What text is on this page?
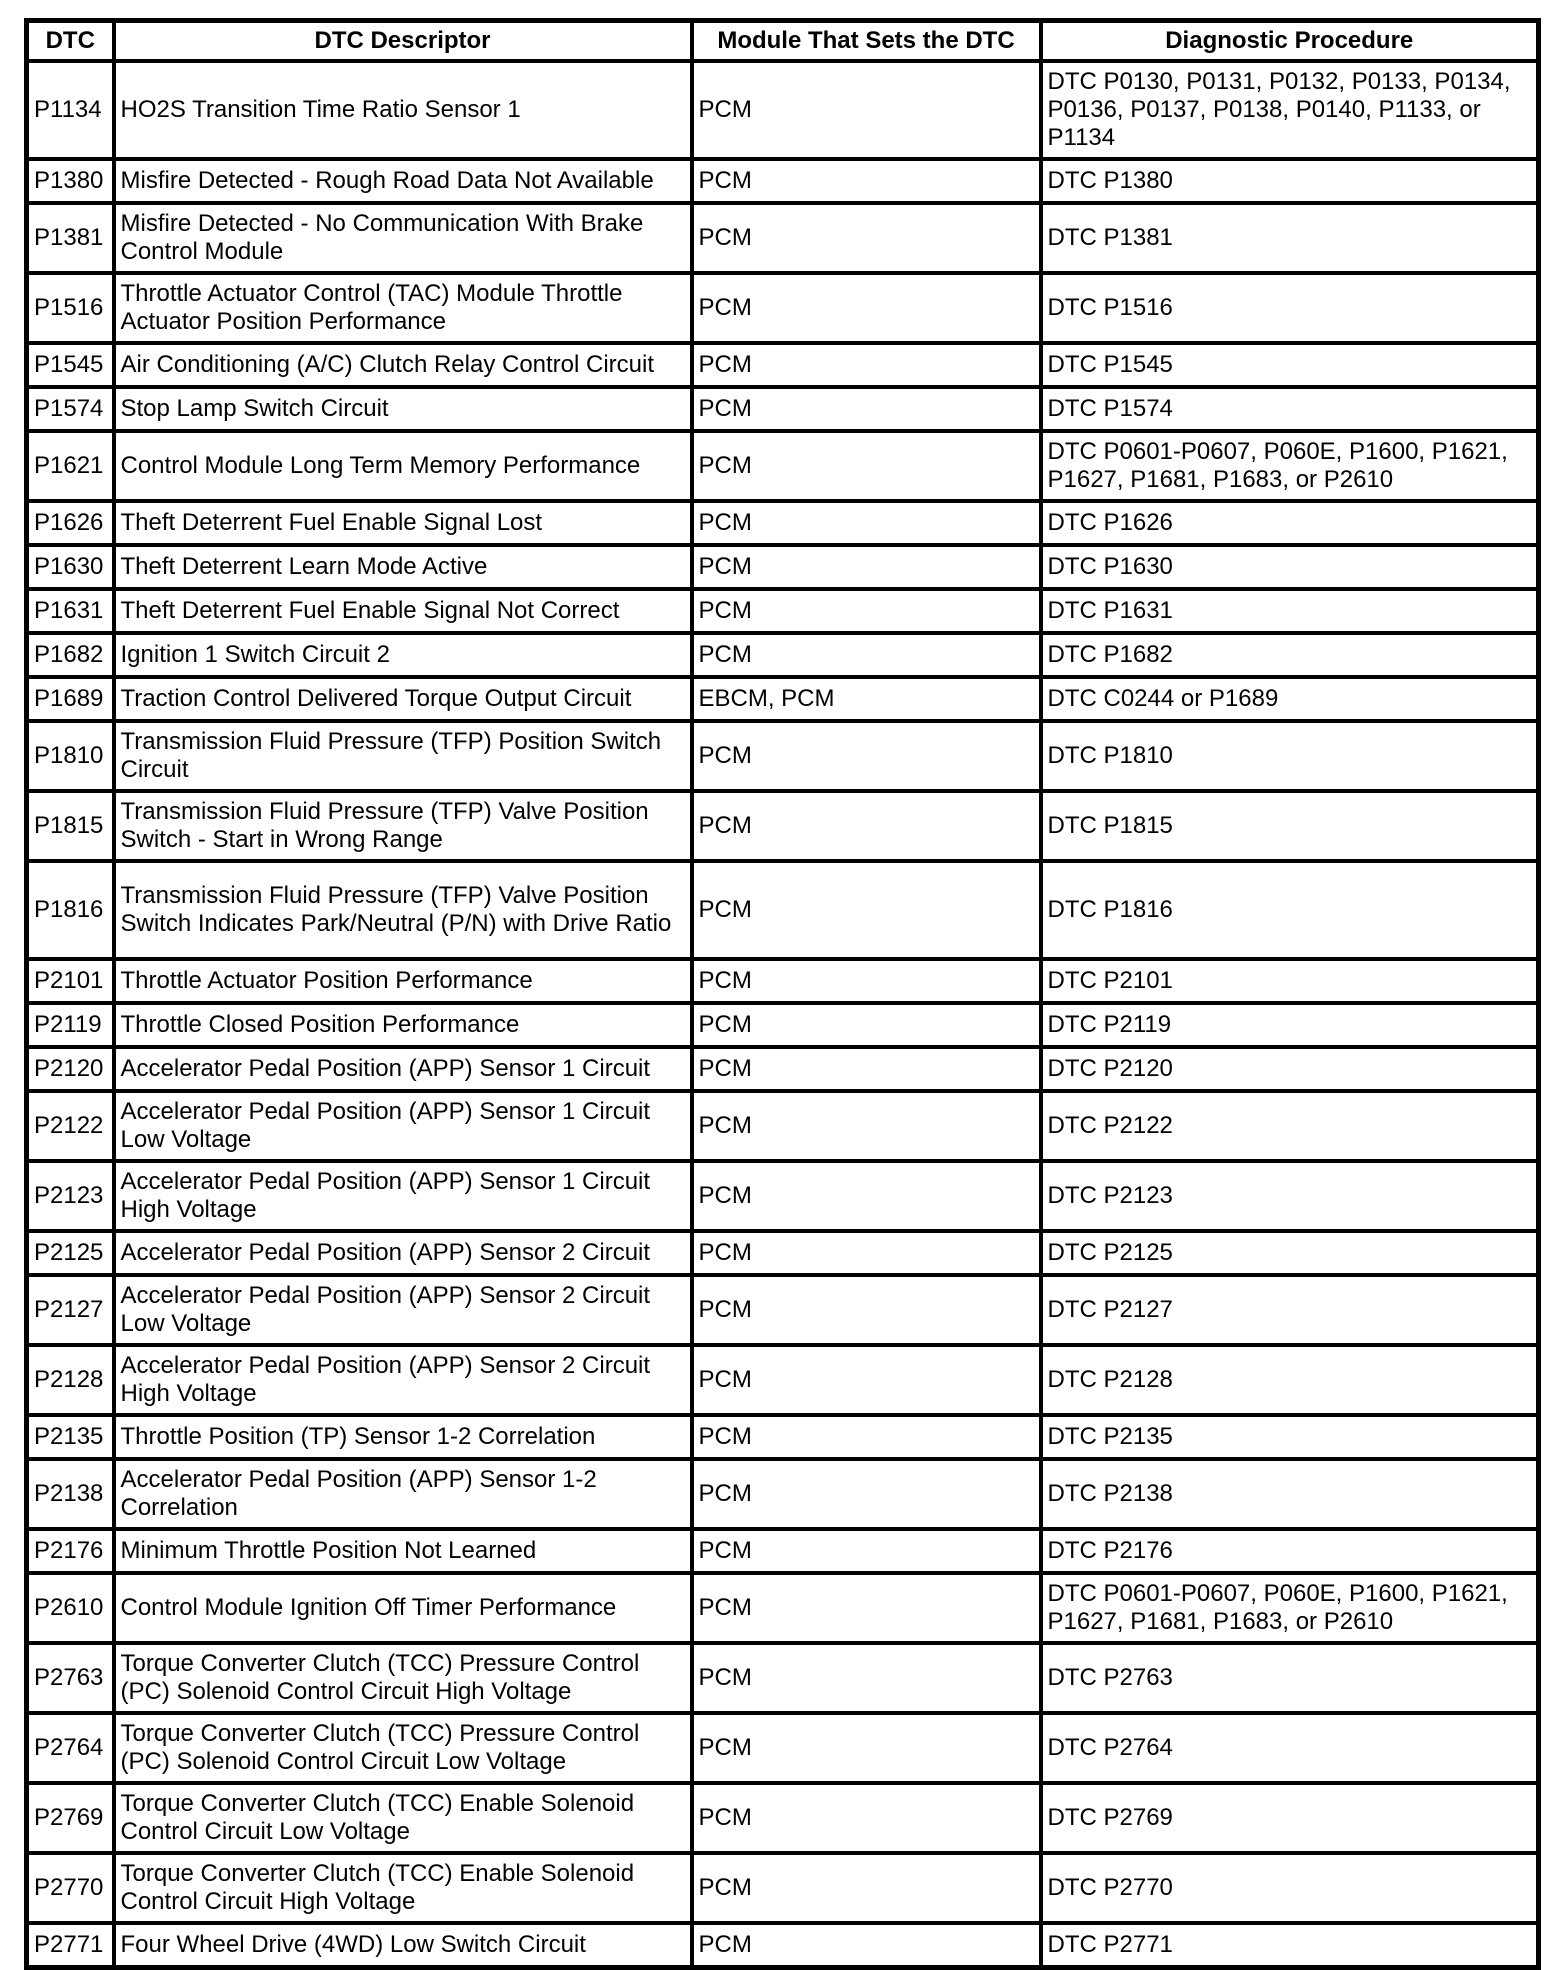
DTC	DTC Descriptor	Module That Sets the DTC	Diagnostic Procedure
P1134	HO2S Transition Time Ratio Sensor 1	PCM	DTC P0130, P0131, P0132, P0133, P0134, P0136, P0137, P0138, P0140, P1133, or P1134
P1380	Misfire Detected - Rough Road Data Not Available	PCM	DTC P1380
P1381	Misfire Detected - No Communication With Brake Control Module	PCM	DTC P1381
P1516	Throttle Actuator Control (TAC) Module Throttle Actuator Position Performance	PCM	DTC P1516
P1545	Air Conditioning (A/C) Clutch Relay Control Circuit	PCM	DTC P1545
P1574	Stop Lamp Switch Circuit	PCM	DTC P1574
P1621	Control Module Long Term Memory Performance	PCM	DTC P0601-P0607, P060E, P1600, P1621, P1627, P1681, P1683, or P2610
P1626	Theft Deterrent Fuel Enable Signal Lost	PCM	DTC P1626
P1630	Theft Deterrent Learn Mode Active	PCM	DTC P1630
P1631	Theft Deterrent Fuel Enable Signal Not Correct	PCM	DTC P1631
P1682	Ignition 1 Switch Circuit 2	PCM	DTC P1682
P1689	Traction Control Delivered Torque Output Circuit	EBCM, PCM	DTC C0244 or P1689
P1810	Transmission Fluid Pressure (TFP) Position Switch Circuit	PCM	DTC P1810
P1815	Transmission Fluid Pressure (TFP) Valve Position Switch - Start in Wrong Range	PCM	DTC P1815
P1816	Transmission Fluid Pressure (TFP) Valve Position Switch Indicates Park/Neutral (P/N) with Drive Ratio	PCM	DTC P1816
P2101	Throttle Actuator Position Performance	PCM	DTC P2101
P2119	Throttle Closed Position Performance	PCM	DTC P2119
P2120	Accelerator Pedal Position (APP) Sensor 1 Circuit	PCM	DTC P2120
P2122	Accelerator Pedal Position (APP) Sensor 1 Circuit Low Voltage	PCM	DTC P2122
P2123	Accelerator Pedal Position (APP) Sensor 1 Circuit High Voltage	PCM	DTC P2123
P2125	Accelerator Pedal Position (APP) Sensor 2 Circuit	PCM	DTC P2125
P2127	Accelerator Pedal Position (APP) Sensor 2 Circuit Low Voltage	PCM	DTC P2127
P2128	Accelerator Pedal Position (APP) Sensor 2 Circuit High Voltage	PCM	DTC P2128
P2135	Throttle Position (TP) Sensor 1-2 Correlation	PCM	DTC P2135
P2138	Accelerator Pedal Position (APP) Sensor 1-2 Correlation	PCM	DTC P2138
P2176	Minimum Throttle Position Not Learned	PCM	DTC P2176
P2610	Control Module Ignition Off Timer Performance	PCM	DTC P0601-P0607, P060E, P1600, P1621, P1627, P1681, P1683, or P2610
P2763	Torque Converter Clutch (TCC) Pressure Control (PC) Solenoid Control Circuit High Voltage	PCM	DTC P2763
P2764	Torque Converter Clutch (TCC) Pressure Control (PC) Solenoid Control Circuit Low Voltage	PCM	DTC P2764
P2769	Torque Converter Clutch (TCC) Enable Solenoid Control Circuit Low Voltage	PCM	DTC P2769
P2770	Torque Converter Clutch (TCC) Enable Solenoid Control Circuit High Voltage	PCM	DTC P2770
P2771	Four Wheel Drive (4WD) Low Switch Circuit	PCM	DTC P2771
